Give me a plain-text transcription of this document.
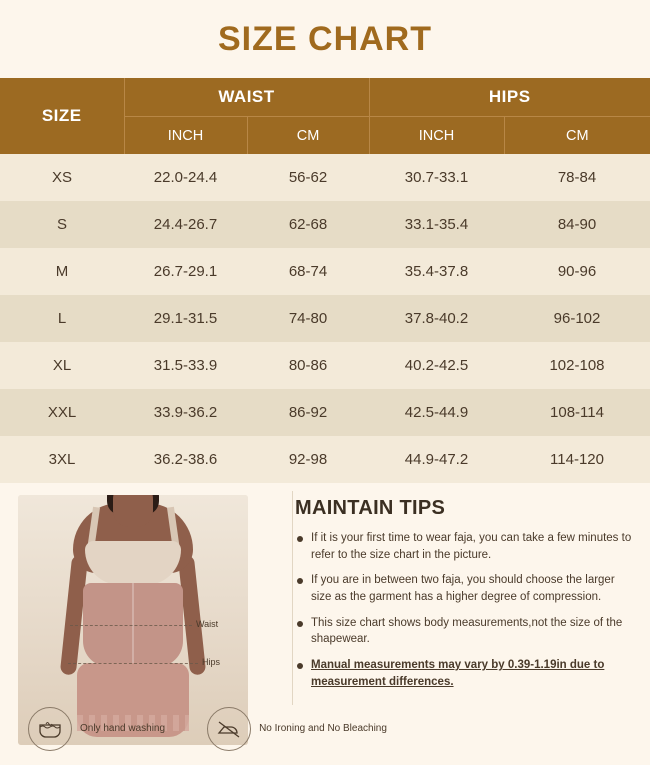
SIZE CHART
SIZE	WAIST		HIPS	
	INCH	CM	INCH	CM
XS	22.0-24.4	56-62	30.7-33.1	78-84
S	24.4-26.7	62-68	33.1-35.4	84-90
M	26.7-29.1	68-74	35.4-37.8	90-96
L	29.1-31.5	74-80	37.8-40.2	96-102
XL	31.5-33.9	80-86	40.2-42.5	102-108
XXL	33.9-36.2	86-92	42.5-44.9	108-114
3XL	36.2-38.6	92-98	44.9-47.2	114-120
Waist
Hips
MAINTAIN TIPS
If it is your first time to wear faja, you can take a few minutes to refer to the size chart in the picture.
If you are in between two faja, you should choose the larger size as the garment has a higher degree of compression.
This size chart shows body measurements,not the size of the shapewear.
Manual measurements may vary by 0.39-1.19in due to measurement differences.
Only hand washing	No Ironing and No Bleaching
